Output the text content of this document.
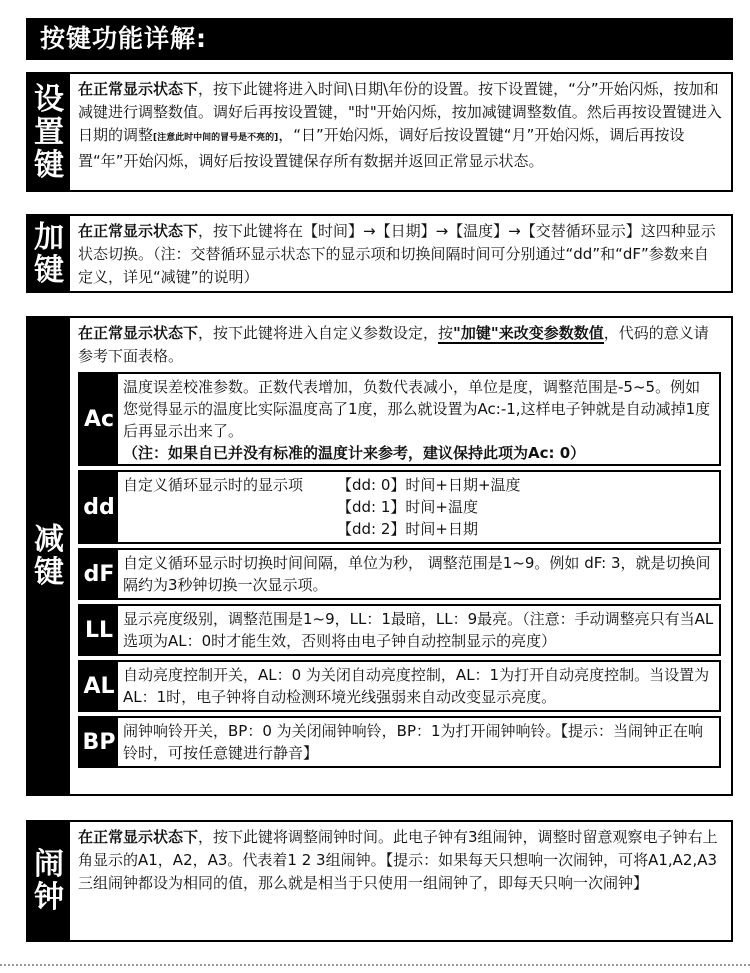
按键功能详解:
设
置
键
在正常显示状态下，按下此键将进入时间\日期\年份的设置。按下设置键，“分”开始闪烁，按加和减键进行调整数值。调好后再按设置键，"时"开始闪烁，按加减键调整数值。然后再按设置键进入日期的调整[注意此时中间的冒号是不亮的]，“日”开始闪烁，调好后按设置键“月”开始闪烁，调后再按设置“年”开始闪烁，调好后按设置键保存所有数据并返回正常显示状态。
加
键
在正常显示状态下，按下此键将在【时间】→【日期】→【温度】→【交替循环显示】这四种显示状态切换。（注：交替循环显示状态下的显示项和切换间隔时间可分别通过“dd”和“dF”参数来自定义，详见“减键”的说明）
减
键
在正常显示状态下，按下此键将进入自定义参数设定，按"加键"来改变参数数值，代码的意义请参考下面表格。
Ac
温度误差校准参数。正数代表增加，负数代表减小，单位是度，调整范围是-5~5。例如您觉得显示的温度比实际温度高了1度，那么就设置为Ac:-1,这样电子钟就是自动减掉1度后再显示出来了。
（注：如果自已并没有标准的温度计来参考，建议保持此项为Ac: 0）
dd
自定义循环显示时的显示项	【dd: 0】时间+日期+温度
【dd: 1】时间+温度
【dd: 2】时间+日期
dF 自定义循环显示时切换时间间隔，单位为秒， 调整范围是1~9。例如 dF: 3，就是切换间隔约为3秒钟切换一次显示项。
LL 显示亮度级别，调整范围是1~9，LL：1最暗，LL：9最亮。（注意：手动调整亮只有当AL选项为AL：0时才能生效，否则将由电子钟自动控制显示的亮度）
AL 自动亮度控制开关，AL：0 为关闭自动亮度控制，AL：1为打开自动亮度控制。当设置为AL：1时，电子钟将自动检测环境光线强弱来自动改变显示亮度。
BP 闹钟响铃开关，BP：0 为关闭闹钟响铃，BP：1为打开闹钟响铃。【提示：当闹钟正在响铃时，可按任意键进行静音】
闹
钟
在正常显示状态下，按下此键将调整闹钟时间。此电子钟有3组闹钟，调整时留意观察电子钟右上角显示的A1，A2，A3。代表着1 2 3组闹钟。【提示：如果每天只想响一次闹钟，可将A1,A2,A3三组闹钟都设为相同的值，那么就是相当于只使用一组闹钟了，即每天只响一次闹钟】
